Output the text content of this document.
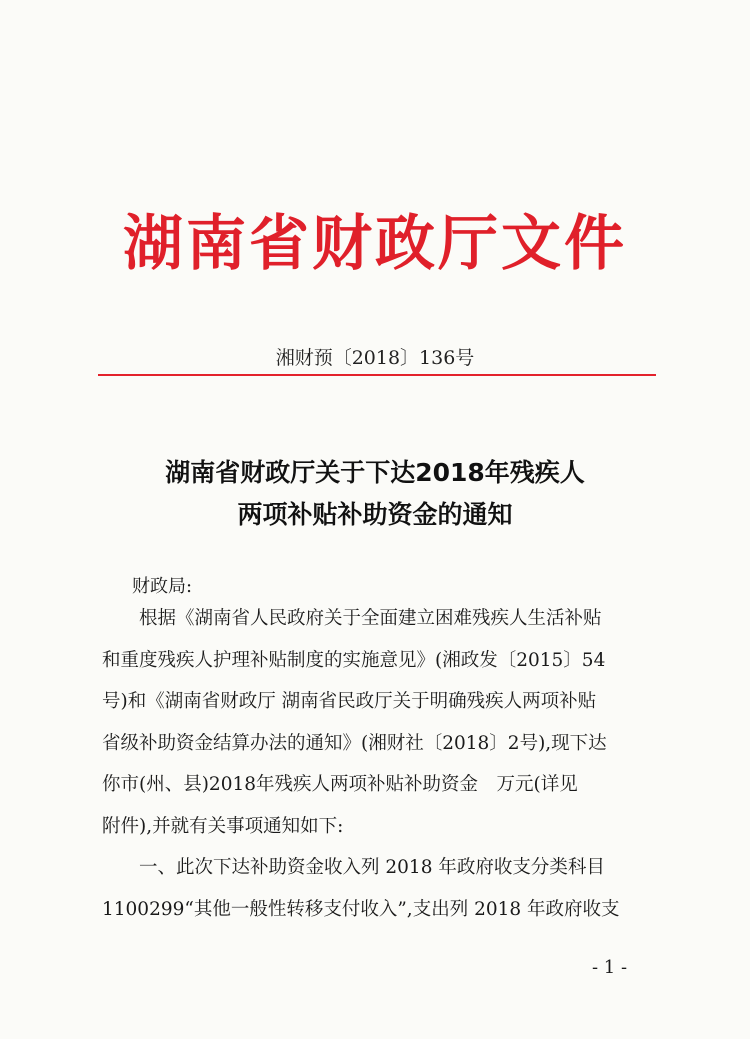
湖南省财政厅文件
湘财预〔2018〕136号
湖南省财政厅关于下达2018年残疾人
两项补贴补助资金的通知
财政局:

根据《湖南省人民政府关于全面建立困难残疾人生活补贴

和重度残疾人护理补贴制度的实施意见》(湘政发〔2015〕54

号)和《湖南省财政厅 湖南省民政厅关于明确残疾人两项补贴

省级补助资金结算办法的通知》(湘财社〔2018〕2号),现下达

你市(州、县)2018年残疾人两项补贴补助资金　万元(详见

附件),并就有关事项通知如下:

一、此次下达补助资金收入列 2018 年政府收支分类科目

1100299“其他一般性转移支付收入”,支出列 2018 年政府收支

- 1 -
